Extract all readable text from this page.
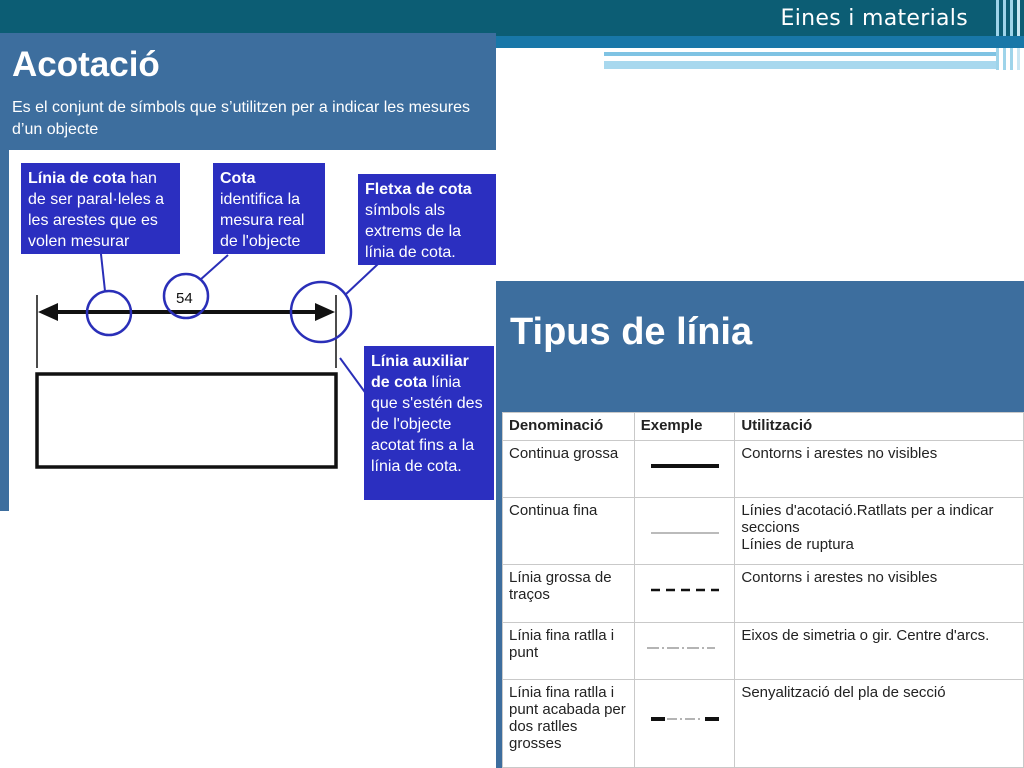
Eines i materials
Acotació
Es el conjunt de símbols que s’utilitzen per a indicar les mesures
d’un objecte
54
Línia de cota han de ser paral·leles a les arestes que es volen mesurar
Cota identifica la mesura real de l'objecte
Fletxa de cota símbols als extrems de la línia de cota.
Línia auxiliar de cota línia que s'estén des de l'objecte acotat fins a la línia de cota.
Tipus de línia
Denominació	Exemple	Utilització
Continua grossa		Contorns i arestes no visibles
Continua fina		Línies d'acotació.Ratllats per a indicar seccions
Línies de ruptura
Línia grossa de traços		Contorns i arestes no visibles
Línia fina ratlla i punt		Eixos de simetria o gir. Centre d'arcs.
Línia fina ratlla i punt acabada per dos ratlles grosses		Senyalització del pla de secció
